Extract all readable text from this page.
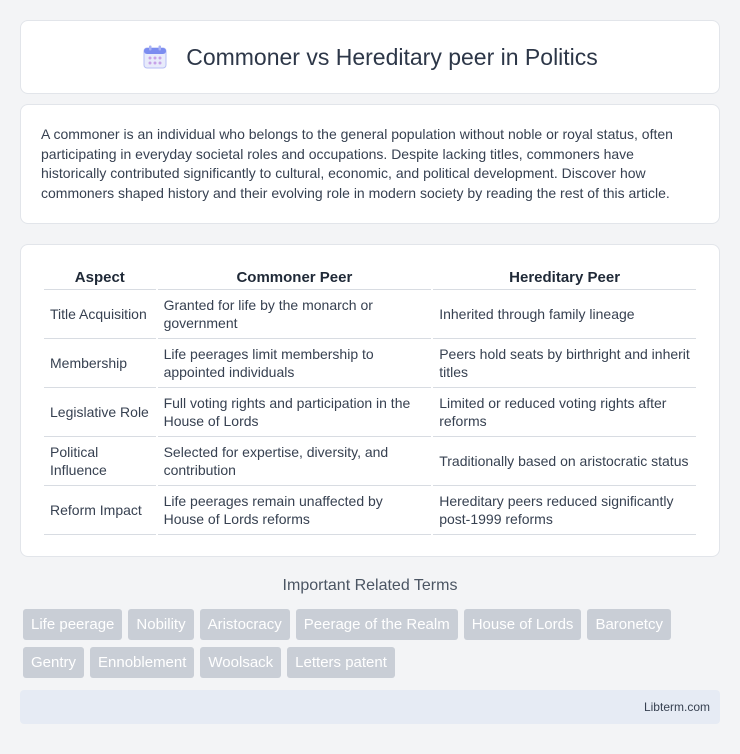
Commoner vs Hereditary peer in Politics

A commoner is an individual who belongs to the general population without noble or royal status, often participating in everyday societal roles and occupations. Despite lacking titles, commoners have historically contributed significantly to cultural, economic, and political development. Discover how commoners shaped history and their evolving role in modern society by reading the rest of this article.

Aspect	Commoner Peer	Hereditary Peer
Title Acquisition	Granted for life by the monarch or government	Inherited through family lineage
Membership	Life peerages limit membership to appointed individuals	Peers hold seats by birthright and inherit titles
Legislative Role	Full voting rights and participation in the House of Lords	Limited or reduced voting rights after reforms
Political Influence	Selected for expertise, diversity, and contribution	Traditionally based on aristocratic status
Reform Impact	Life peerages remain unaffected by House of Lords reforms	Hereditary peers reduced significantly post-1999 reforms
Important Related Terms
Life peerage	Nobility	Aristocracy	Peerage of the Realm	House of Lords	Baronetcy
Gentry	Ennoblement	Woolsack	Letters patent
Libterm.com
